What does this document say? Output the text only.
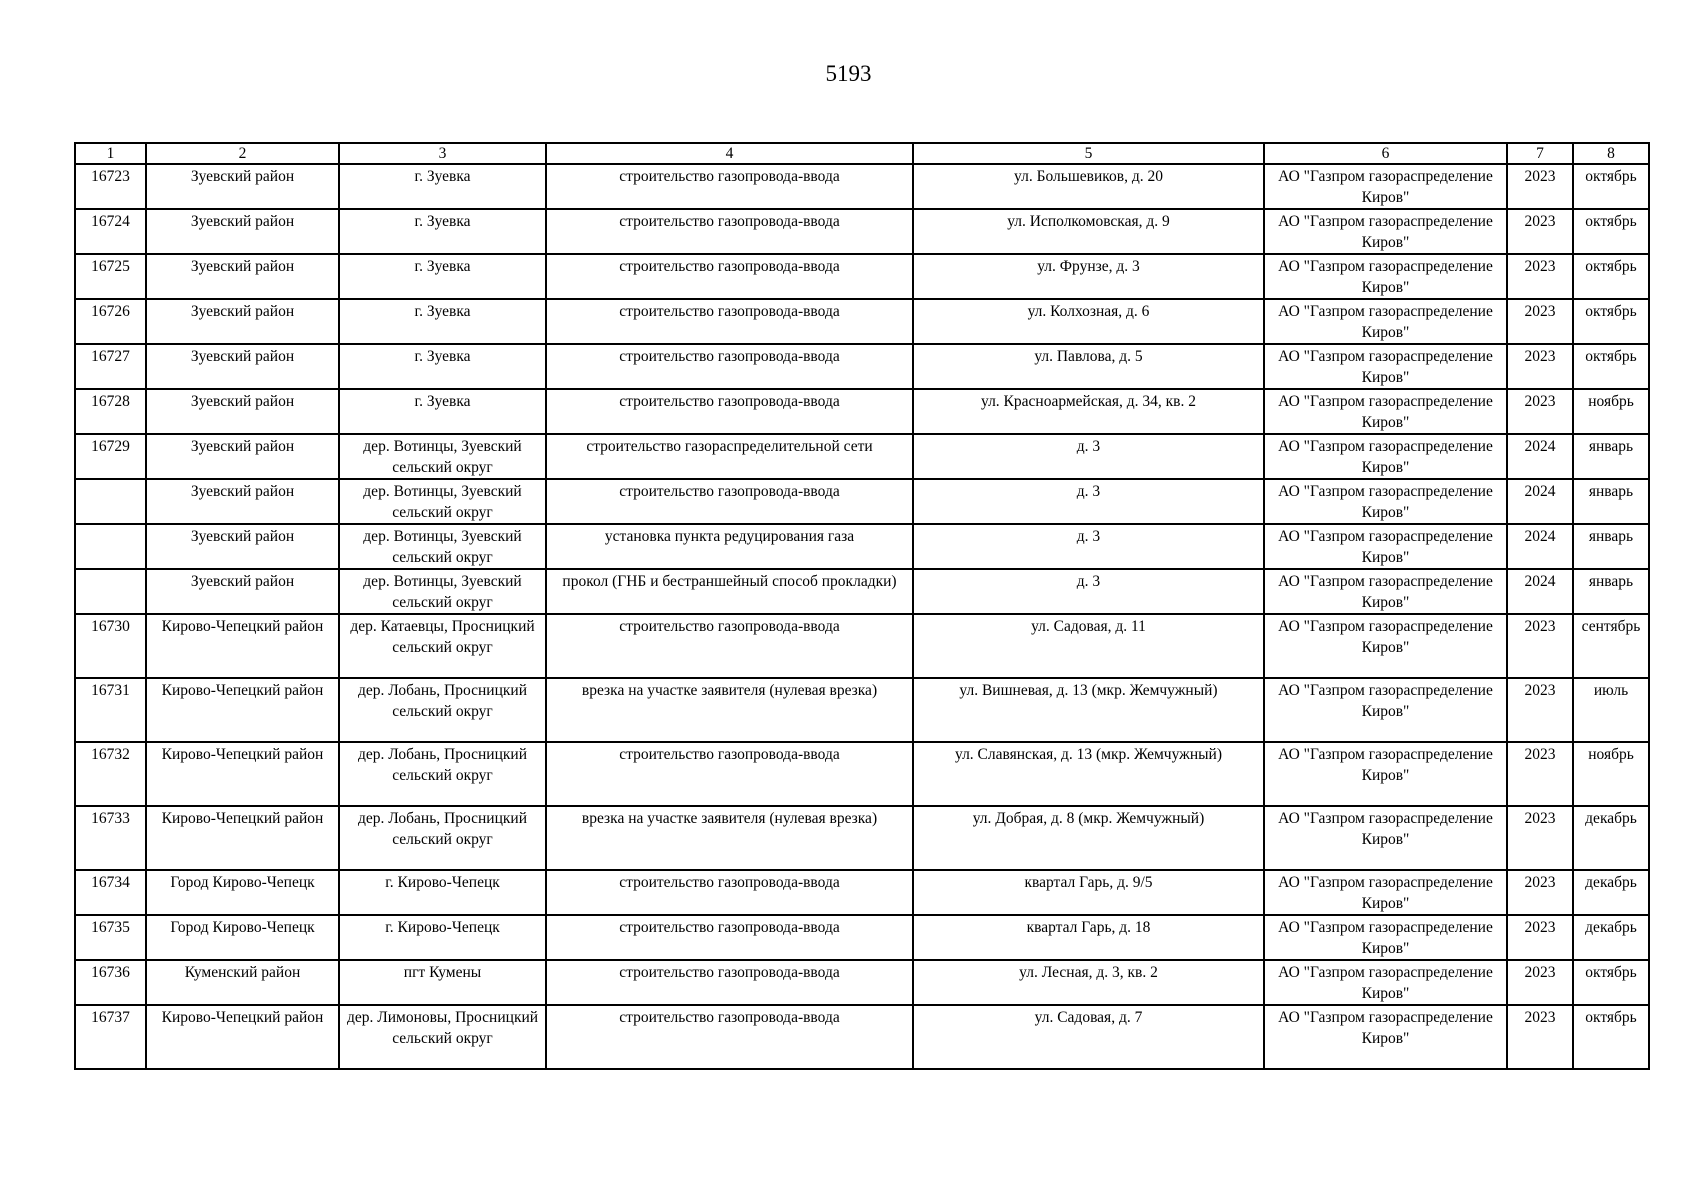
5193
1	2	3	4	5	6	7	8
16723	Зуевский район	г. Зуевка	строительство газопровода-ввода	ул. Большевиков, д. 20	АО "Газпром газораспределение Киров"	2023	октябрь
16724	Зуевский район	г. Зуевка	строительство газопровода-ввода	ул. Исполкомовская, д. 9	АО "Газпром газораспределение Киров"	2023	октябрь
16725	Зуевский район	г. Зуевка	строительство газопровода-ввода	ул. Фрунзе, д. 3	АО "Газпром газораспределение Киров"	2023	октябрь
16726	Зуевский район	г. Зуевка	строительство газопровода-ввода	ул. Колхозная, д. 6	АО "Газпром газораспределение Киров"	2023	октябрь
16727	Зуевский район	г. Зуевка	строительство газопровода-ввода	ул. Павлова, д. 5	АО "Газпром газораспределение Киров"	2023	октябрь
16728	Зуевский район	г. Зуевка	строительство газопровода-ввода	ул. Красноармейская, д. 34, кв. 2	АО "Газпром газораспределение Киров"	2023	ноябрь
16729	Зуевский район	дер. Вотинцы, Зуевский сельский округ	строительство газораспределительной сети	д. 3	АО "Газпром газораспределение Киров"	2024	январь
	Зуевский район	дер. Вотинцы, Зуевский сельский округ	строительство газопровода-ввода	д. 3	АО "Газпром газораспределение Киров"	2024	январь
	Зуевский район	дер. Вотинцы, Зуевский сельский округ	установка пункта редуцирования газа	д. 3	АО "Газпром газораспределение Киров"	2024	январь
	Зуевский район	дер. Вотинцы, Зуевский сельский округ	прокол (ГНБ и бестраншейный способ прокладки)	д. 3	АО "Газпром газораспределение Киров"	2024	январь
16730	Кирово-Чепецкий район	дер. Катаевцы, Просницкий сельский округ	строительство газопровода-ввода	ул. Садовая, д. 11	АО "Газпром газораспределение Киров"	2023	сентябрь
16731	Кирово-Чепецкий район	дер. Лобань, Просницкий сельский округ	врезка на участке заявителя (нулевая врезка)	ул. Вишневая, д. 13 (мкр. Жемчужный)	АО "Газпром газораспределение Киров"	2023	июль
16732	Кирово-Чепецкий район	дер. Лобань, Просницкий сельский округ	строительство газопровода-ввода	ул. Славянская, д. 13 (мкр. Жемчужный)	АО "Газпром газораспределение Киров"	2023	ноябрь
16733	Кирово-Чепецкий район	дер. Лобань, Просницкий сельский округ	врезка на участке заявителя (нулевая врезка)	ул. Добрая, д. 8 (мкр. Жемчужный)	АО "Газпром газораспределение Киров"	2023	декабрь
16734	Город Кирово-Чепецк	г. Кирово-Чепецк	строительство газопровода-ввода	квартал Гарь, д. 9/5	АО "Газпром газораспределение Киров"	2023	декабрь
16735	Город Кирово-Чепецк	г. Кирово-Чепецк	строительство газопровода-ввода	квартал Гарь, д. 18	АО "Газпром газораспределение Киров"	2023	декабрь
16736	Куменский район	пгт Кумены	строительство газопровода-ввода	ул. Лесная, д. 3, кв. 2	АО "Газпром газораспределение Киров"	2023	октябрь
16737	Кирово-Чепецкий район	дер. Лимоновы, Просницкий сельский округ	строительство газопровода-ввода	ул. Садовая, д. 7	АО "Газпром газораспределение Киров"	2023	октябрь
